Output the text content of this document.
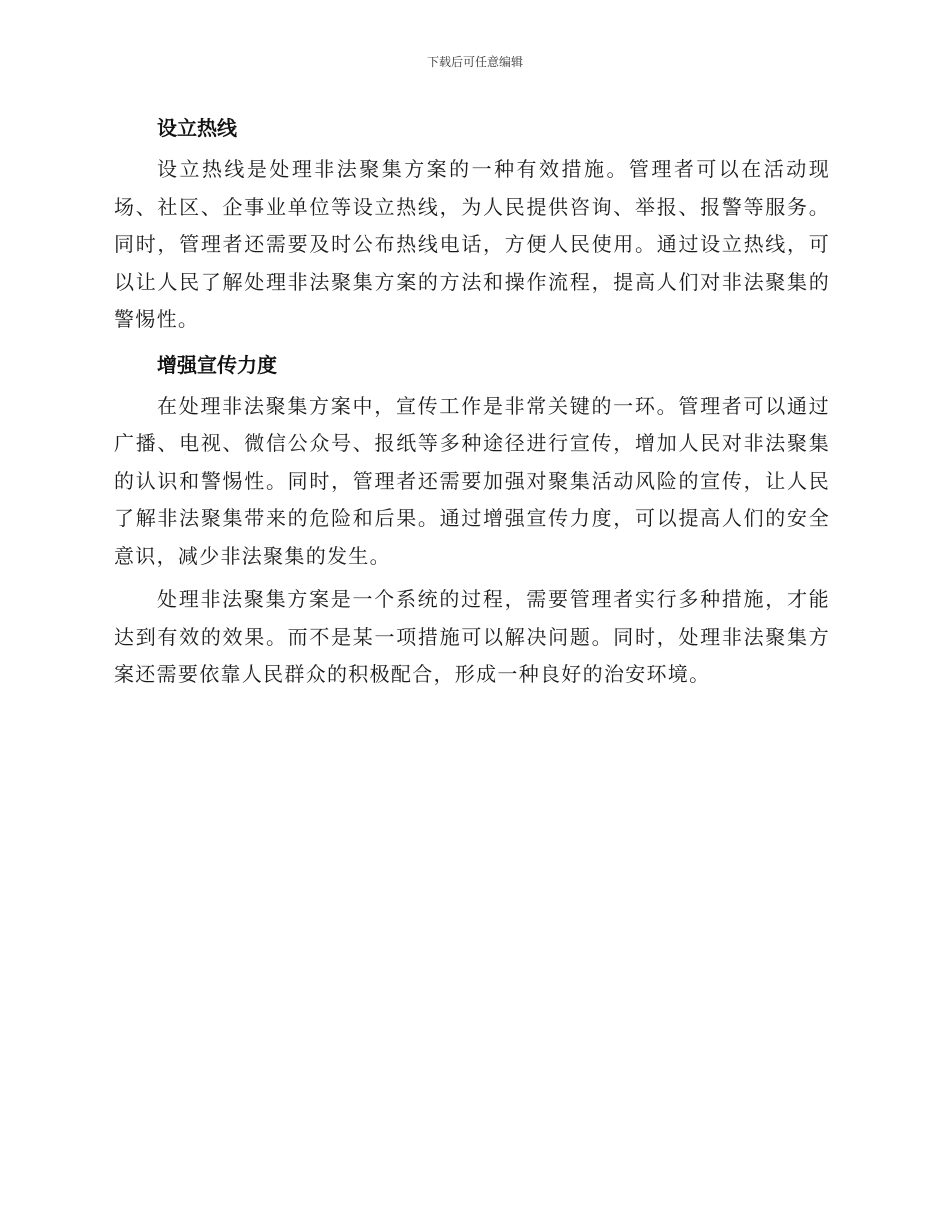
下载后可任意编辑
设立热线

设立热线是处理非法聚集方案的一种有效措施。管理者可以在活动现场、社区、企事业单位等设立热线，为人民提供咨询、举报、报警等服务。同时，管理者还需要及时公布热线电话，方便人民使用。通过设立热线，可以让人民了解处理非法聚集方案的方法和操作流程，提高人们对非法聚集的警惕性。

增强宣传力度

在处理非法聚集方案中，宣传工作是非常关键的一环。管理者可以通过广播、电视、微信公众号、报纸等多种途径进行宣传，增加人民对非法聚集的认识和警惕性。同时，管理者还需要加强对聚集活动风险的宣传，让人民了解非法聚集带来的危险和后果。通过增强宣传力度，可以提高人们的安全意识，减少非法聚集的发生。

处理非法聚集方案是一个系统的过程，需要管理者实行多种措施，才能达到有效的效果。而不是某一项措施可以解决问题。同时，处理非法聚集方案还需要依靠人民群众的积极配合，形成一种良好的治安环境。
